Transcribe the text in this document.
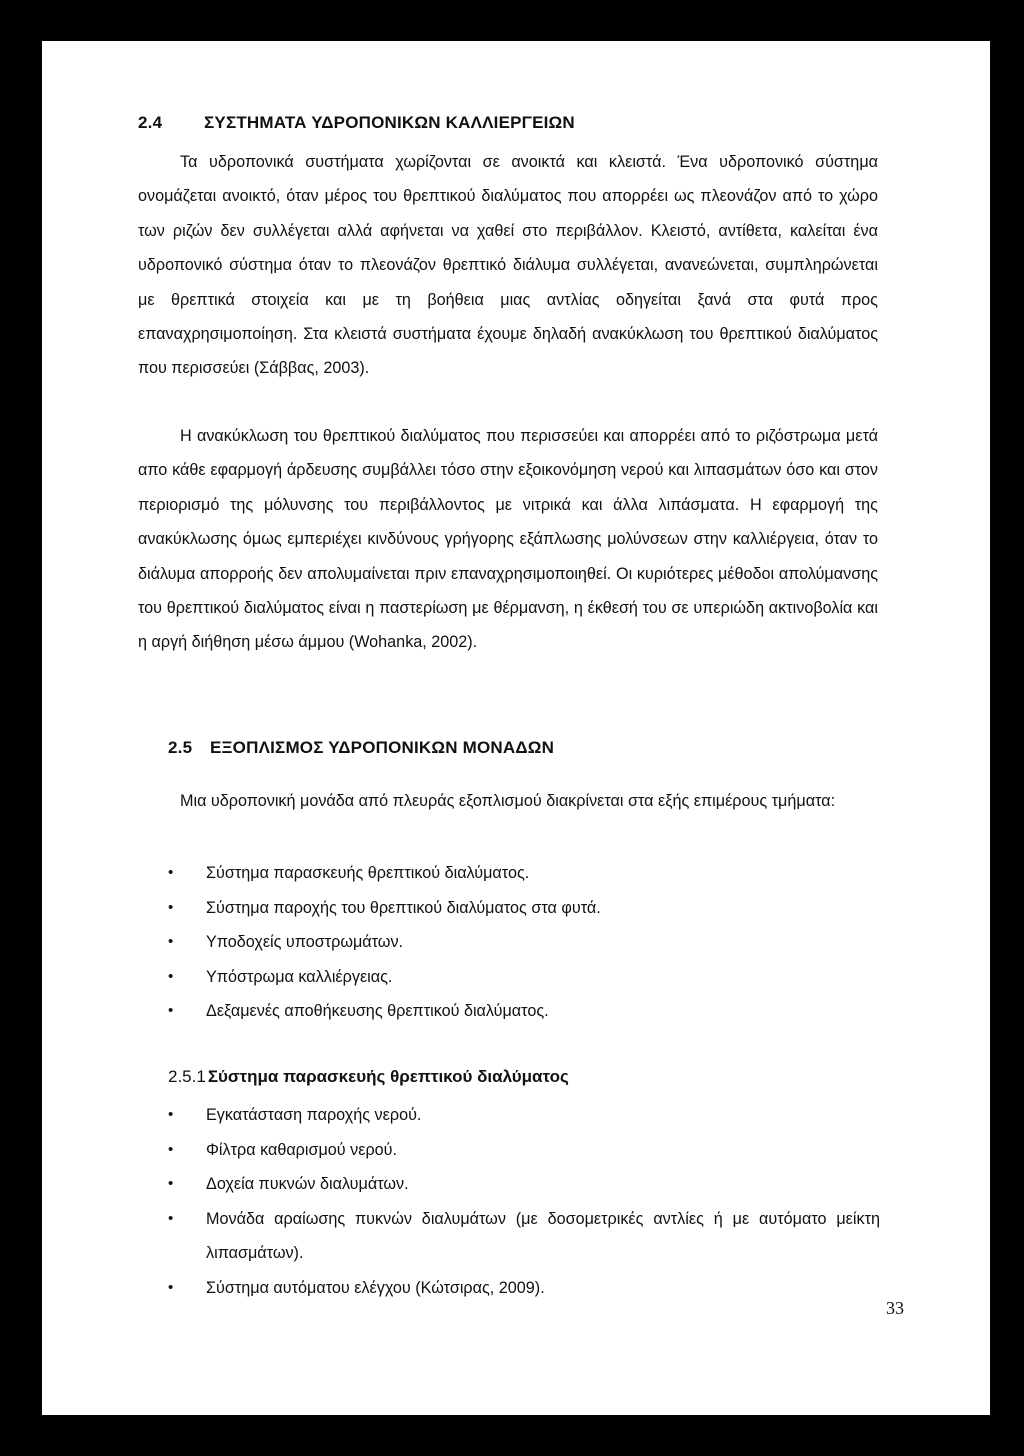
2.4 ΣΥΣΤΗΜΑΤΑ ΥΔΡΟΠΟΝΙΚΩΝ ΚΑΛΛΙΕΡΓΕΙΩΝ

Τα υδροπονικά συστήματα χωρίζονται σε ανοικτά και κλειστά. Ένα υδροπονικό σύστημα ονομάζεται ανοικτό, όταν μέρος του θρεπτικού διαλύματος που απορρέει ως πλεονάζον από το χώρο των ριζών δεν συλλέγεται αλλά αφήνεται να χαθεί στο περιβάλλον. Κλειστό, αντίθετα, καλείται ένα υδροπονικό σύστημα όταν το πλεονάζον θρεπτικό διάλυμα συλλέγεται, ανανεώνεται, συμπληρώνεται με θρεπτικά στοιχεία και με τη βοήθεια μιας αντλίας οδηγείται ξανά στα φυτά προς επαναχρησιμοποίηση. Στα κλειστά συστήματα έχουμε δηλαδή ανακύκλωση του θρεπτικού διαλύματος που περισσεύει (Σάββας, 2003).

Η ανακύκλωση του θρεπτικού διαλύματος που περισσεύει και απορρέει από το ριζόστρωμα μετά απο κάθε εφαρμογή άρδευσης συμβάλλει τόσο στην εξοικονόμηση νερού και λιπασμάτων όσο και στον περιορισμό της μόλυνσης του περιβάλλοντος με νιτρικά και άλλα λιπάσματα. Η εφαρμογή της ανακύκλωσης όμως εμπεριέχει κινδύνους γρήγορης εξάπλωσης μολύνσεων στην καλλιέργεια, όταν το διάλυμα απορροής δεν απολυμαίνεται πριν επαναχρησιμοποιηθεί. Οι κυριότερες μέθοδοι απολύμανσης του θρεπτικού διαλύματος είναι η παστερίωση με θέρμανση, η έκθεσή του σε υπεριώδη ακτινοβολία και η αργή διήθηση μέσω άμμου (Wohanka, 2002).

2.5 ΕΞΟΠΛΙΣΜΟΣ ΥΔΡΟΠΟΝΙΚΩΝ ΜΟΝΑΔΩΝ

Μια υδροπονική μονάδα από πλευράς εξοπλισμού διακρίνεται στα εξής επιμέρους τμήματα:

• Σύστημα παρασκευής θρεπτικού διαλύματος.
• Σύστημα παροχής του θρεπτικού διαλύματος στα φυτά.
• Υποδοχείς υποστρωμάτων.
• Υπόστρωμα καλλιέργειας.
• Δεξαμενές αποθήκευσης θρεπτικού διαλύματος.
2.5.1 Σύστημα παρασκευής θρεπτικού διαλύματος
• Εγκατάσταση παροχής νερού.
• Φίλτρα καθαρισμού νερού.
• Δοχεία πυκνών διαλυμάτων.
• Μονάδα αραίωσης πυκνών διαλυμάτων (με δοσομετρικές αντλίες ή με αυτόματο μείκτη λιπασμάτων).
• Σύστημα αυτόματου ελέγχου (Κώτσιρας, 2009).
33
